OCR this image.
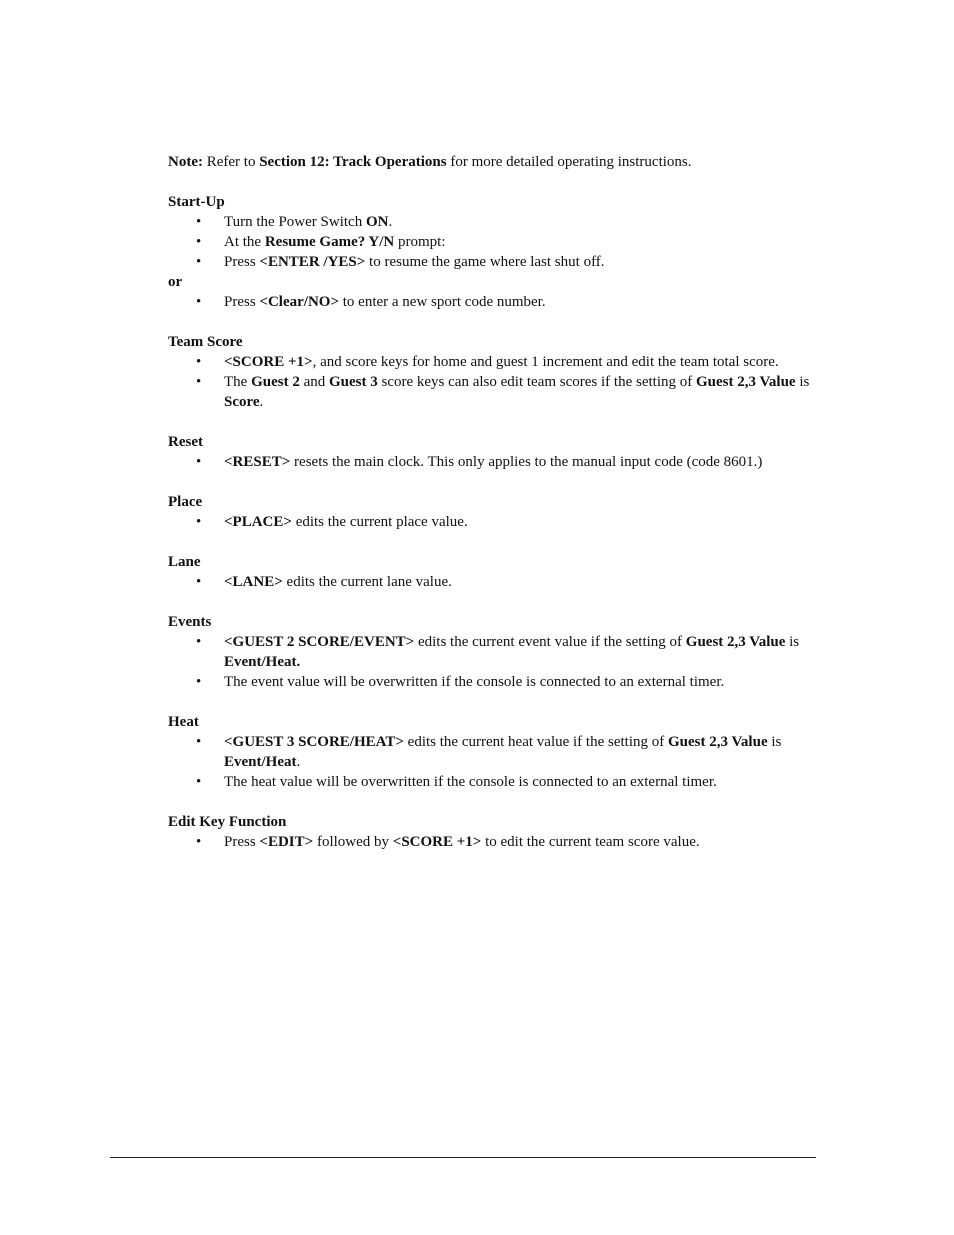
Note: Refer to Section 12: Track Operations for more detailed operating instructions.

Start-Up

• Turn the Power Switch ON.
• At the Resume Game? Y/N prompt:
• Press <ENTER /YES> to resume the game where last shut off.

or

• Press <Clear/NO> to enter a new sport code number.

Team Score

• <SCORE +1>, and score keys for home and guest 1 increment and edit the team total score.
• The Guest 2 and Guest 3 score keys can also edit team scores if the setting of Guest 2,3 Value is Score.

Reset

• <RESET> resets the main clock. This only applies to the manual input code (code 8601.)

Place

• <PLACE> edits the current place value.

Lane

• <LANE> edits the current lane value.

Events

• <GUEST 2 SCORE/EVENT> edits the current event value if the setting of Guest 2,3 Value is Event/Heat.
• The event value will be overwritten if the console is connected to an external timer.

Heat

• <GUEST 3 SCORE/HEAT> edits the current heat value if the setting of Guest 2,3 Value is Event/Heat.
• The heat value will be overwritten if the console is connected to an external timer.

Edit Key Function

• Press <EDIT> followed by <SCORE +1> to edit the current team score value.
